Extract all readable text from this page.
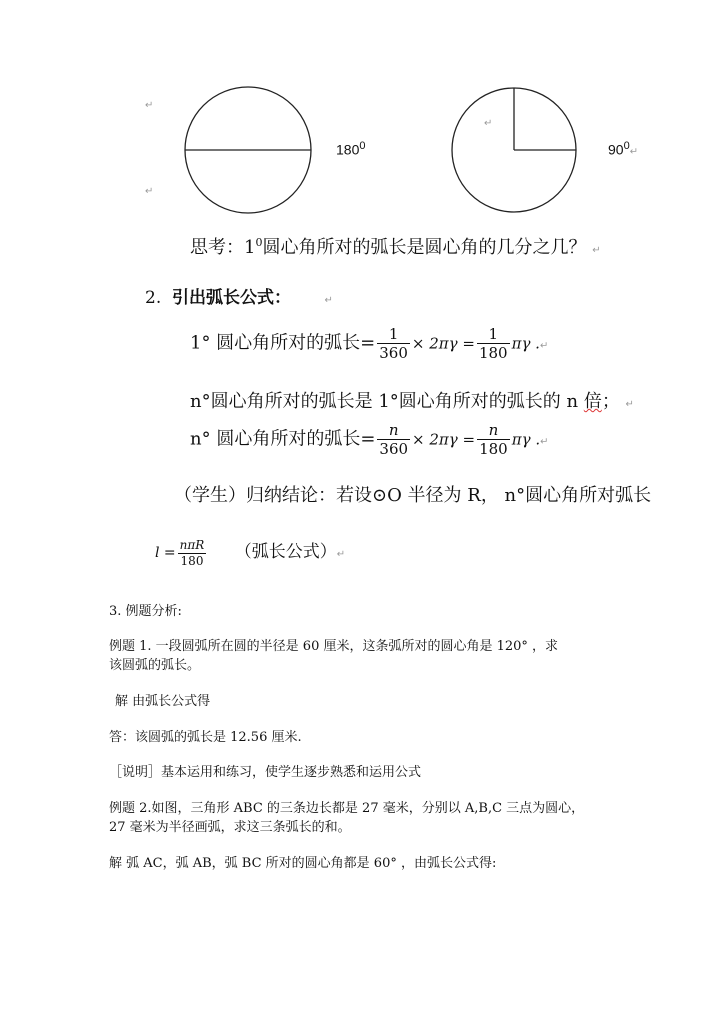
↵
↵
↵
$180^0$	$90^0↵$
思考：$1^0$圆心角所对的弧长是圆心角的几分之几？ ↵
2. 引出弧长公式：	↵
1° 圆心角所对的弧长= $\frac{1}{360} \times 2\pi\gamma = \frac{1}{180}$ πγ .↵
n°圆心角所对的弧长是 1°圆心角所对的弧长的 n 倍； ↵
n° 圆心角所对的弧长= $\frac{n}{360} \times 2\pi\gamma = \frac{n}{180}$ πγ .↵
（学生）归纳结论：若设⊙O 半径为 R， n°圆心角所对弧长
$l = \frac{\text{nπR}}{180}$ （弧长公式）↵
3. 例题分析:
例题 1. 一段圆弧所在圆的半径是 60 厘米，这条弧所对的圆心角是 120° ，求
该圆弧的弧长。
解 由弧长公式得
答：该圆弧的弧长是 12.56 厘米.
［说明］基本运用和练习，使学生逐步熟悉和运用公式
例题 2.如图，三角形 ABC 的三条边长都是 27 毫米，分别以 A,B,C 三点为圆心，
27 毫米为半径画弧，求这三条弧长的和。
解 弧 AC，弧 AB，弧 BC 所对的圆心角都是 60° ，由弧长公式得:
